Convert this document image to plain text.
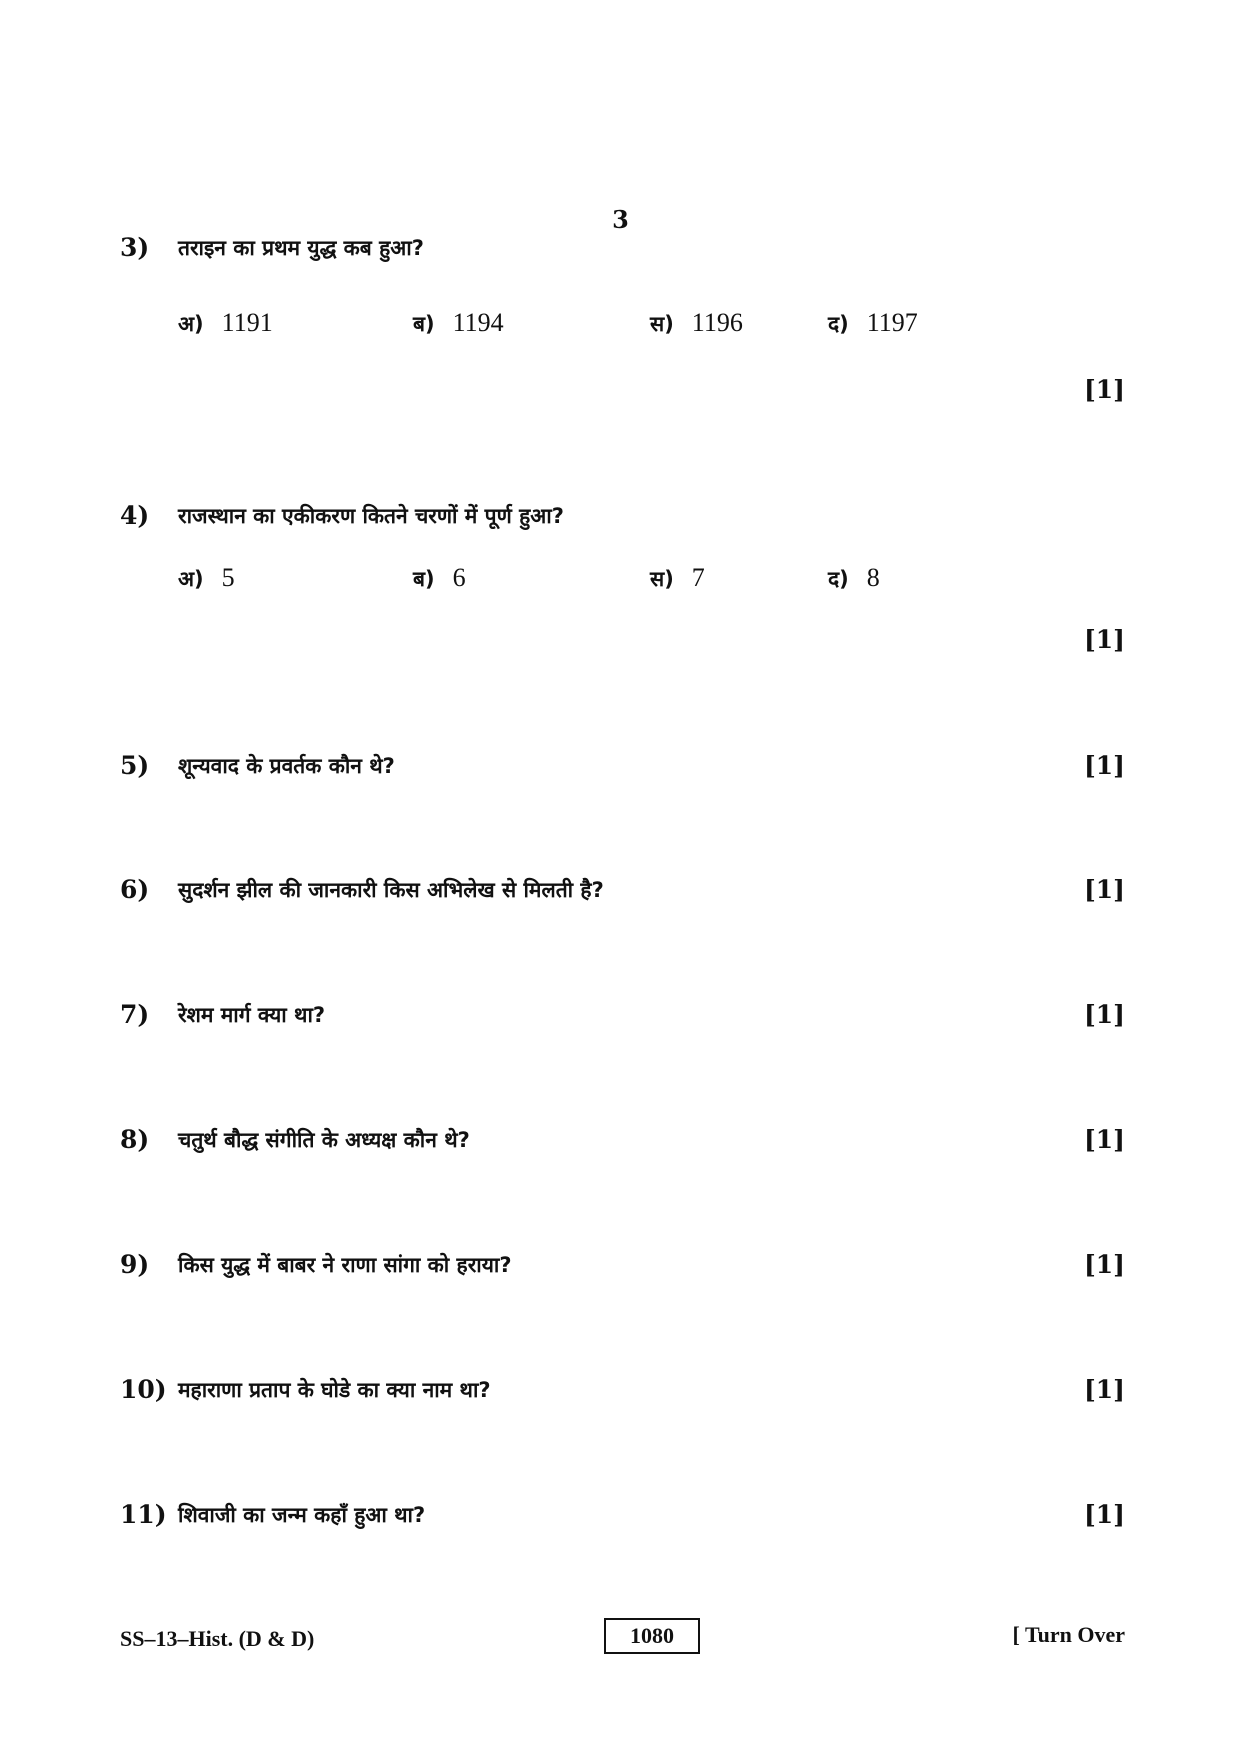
3
3) तराइन का प्रथम युद्ध कब हुआ?
अ) 1191	ब) 1194	स) 1196	द) 1197
[1]
4) राजस्थान का एकीकरण कितने चरणों में पूर्ण हुआ?
अ) 5	ब) 6	स) 7	द) 8
[1]
5) शून्यवाद के प्रवर्तक कौन थे?	[1]
6) सुदर्शन झील की जानकारी किस अभिलेख से मिलती है?	[1]
7) रेशम मार्ग क्या था?	[1]
8) चतुर्थ बौद्ध संगीति के अध्यक्ष कौन थे?	[1]
9) किस युद्ध में बाबर ने राणा सांगा को हराया?	[1]
10) महाराणा प्रताप के घोडे का क्या नाम था?	[1]
11) शिवाजी का जन्म कहाँ हुआ था?	[1]
SS–13–Hist. (D & D)	1080	[ Turn Over
